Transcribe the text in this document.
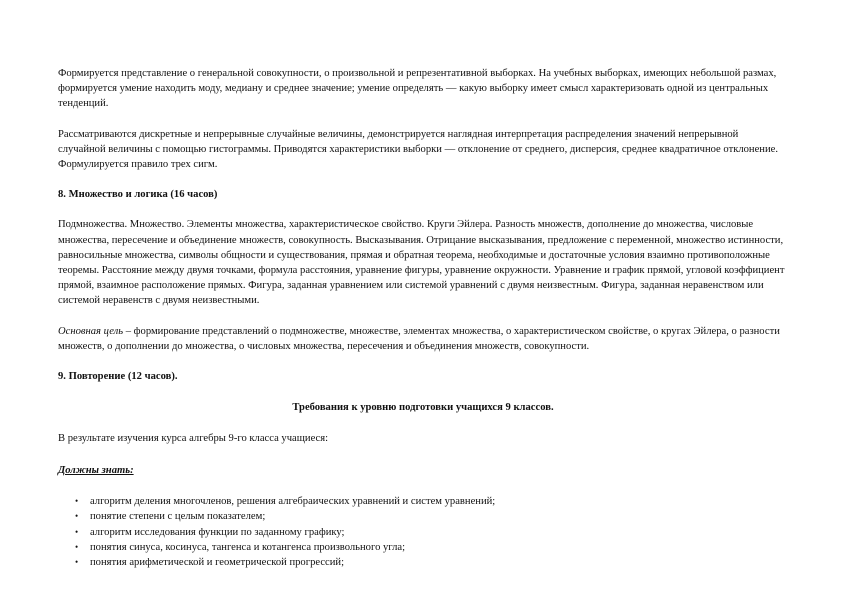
Формируется представление о генеральной совокупности, о произвольной и репрезентативной выборках. На учебных выборках, имеющих небольшой размах, формируется умение находить моду, медиану и среднее значение; умение определять — какую выборку имеет смысл характеризовать одной из центральных тенденций.

Рассматриваются дискретные и непрерывные случайные величины, демонстрируется наглядная интерпретация распределения значений непрерывной случайной величины с помощью гистограммы. Приводятся характеристики выборки — отклонение от среднего, дисперсия, среднее квадратичное отклонение. Формулируется правило трех сигм.

8. Множество и логика (16 часов)

Подмножества. Множество. Элементы множества, характеристическое свойство. Круги Эйлера. Разность множеств, дополнение до множества, числовые множества, пересечение и объединение множеств, совокупность. Высказывания. Отрицание высказывания, предложение с переменной, множество истинности, равносильные множества, символы общности и существования, прямая и обратная теорема, необходимые и достаточные условия взаимно противоположные теоремы. Расстояние между двумя точками, формула расстояния, уравнение фигуры, уравнение окружности. Уравнение и график прямой, угловой коэффициент прямой, взаимное расположение прямых. Фигура, заданная уравнением или системой уравнений с двумя неизвестным. Фигура, заданная неравенством или системой неравенств с двумя неизвестными.

Основная цель – формирование представлений о подмножестве, множестве, элементах множества, о характеристическом свойстве, о кругах Эйлера, о разности множеств, о дополнении до множества, о числовых множества, пересечения и объединения множеств, совокупности.

9. Повторение (12 часов).

Требования к уровню подготовки учащихся 9 классов.

В результате изучения курса алгебры 9-го класса учащиеся:

Должны знать:

• алгоритм деления многочленов, решения алгебраических уравнений и систем уравнений;
• понятие степени с целым показателем;
• алгоритм исследования функции по заданному графику;
• понятия синуса, косинуса, тангенса и котангенса произвольного угла;
• понятия арифметической и геометрической прогрессий;
